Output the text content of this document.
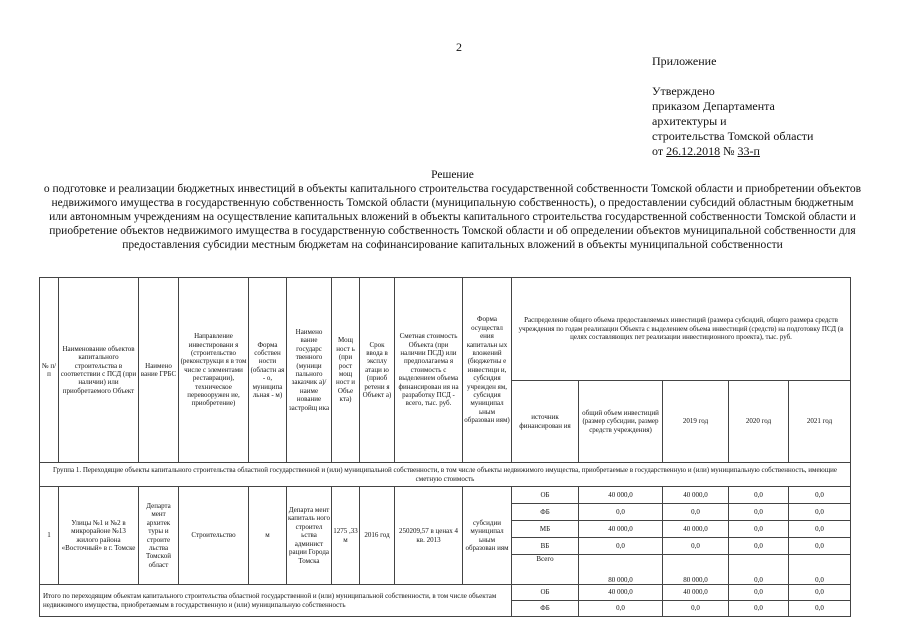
2
Приложение
Утверждено
приказом Департамента
архитектуры и
строительства Томской области
от 26.12.2018 № 33-п
Решение
о подготовке и реализации бюджетных инвестиций в объекты капитального строительства государственной собственности Томской области и приобретении объектов недвижимого имущества в государственную собственность Томской области (муниципальную собственность), о предоставлении субсидий областным бюджетным или автономным учреждениям на осуществление капитальных вложений в объекты капитального строительства государственной собственности Томской области и приобретение объектов недвижимого имущества в государственную собственность Томской области и об определении объектов муниципальной собственности для предоставления субсидии местным бюджетам на софинансирование капитальных вложений в объекты муниципальной собственности
№ п/п	Наименование объектов капитального строительства в соответствии с ПСД (при наличии) или приобретаемого Объект	Наимено вание ГРБС	Направление инвестировани я (строительство (реконструкци я в том числе с элементами реставрации), техническое перевооружен ие, приобретение)	Форма собствен ности (областн ая - о, муниципа льная - м)	Наимено вание государс твенного (муници пального заказчик а)/наиме нование застройщ ика	Мощ ност ь (при рост мощ ност и Объе кта)	Срок ввода в эксплу атаци ю (приоб ретени я Объект а)	Сметная стоимость Объекта (при наличии ПСД) или предполагаема я стоимость с выделением объема финансирован ия на разработку ПСД - всего, тыс. руб.	Форма осуществл ения капитальн ых вложений (бюджетны е инвестици и, субсидия учрежден ям, субсидия муниципал ьным образован иям)	Распределение общего объема предоставляемых инвестиций (размера субсидий, общего размера средств учреждения по годам реализации Объекта с выделением объема инвестиций (средств) на подготовку ПСД (в целях составляющих пет реализации инвестиционного проекта), тыс. руб.				
										источник финансирован ия	общий объем инвестиций (размер субсидии, размер средств учреждения)	2019 год	2020 год	2021 год
Группа 1. Переходящие объекты капитального строительства областной государственной и (или) муниципальной собственности, в том числе объекты недвижимого имущества, приобретаемые в государственную и (или) муниципальную собственность, имеющие сметную стоимость														
1	Улицы №1 и №2 в микрорайоне №13 жилого района «Восточный» в г. Томске	Департа мент архитек туры и строите льства Томской област	Строительство	м	Департа мент капиталь ного строител ьства админист рации Города Томска	1275 ,33 м	2016 год	250209,57 в ценах 4 кв. 2013	субсидии муниципал ьным образован иям	ОБ	40 000,0	40 000,0	0,0	0,0
										ФБ	0,0	0,0	0,0	0,0
										МБ	40 000,0	40 000,0	0,0	0,0
										ВБ	0,0	0,0	0,0	0,0
										Всего	80 000,0	80 000,0	0,0	0,0
Итого по переходящим объектам капитального строительства областной государственной и (или) муниципальной собственности, в том числе объектам недвижимого имущества, приобретаемым в государственную и (или) муниципальную собственность										ОБ	40 000,0	40 000,0	0,0	0,0
										ФБ	0,0	0,0	0,0	0,0
